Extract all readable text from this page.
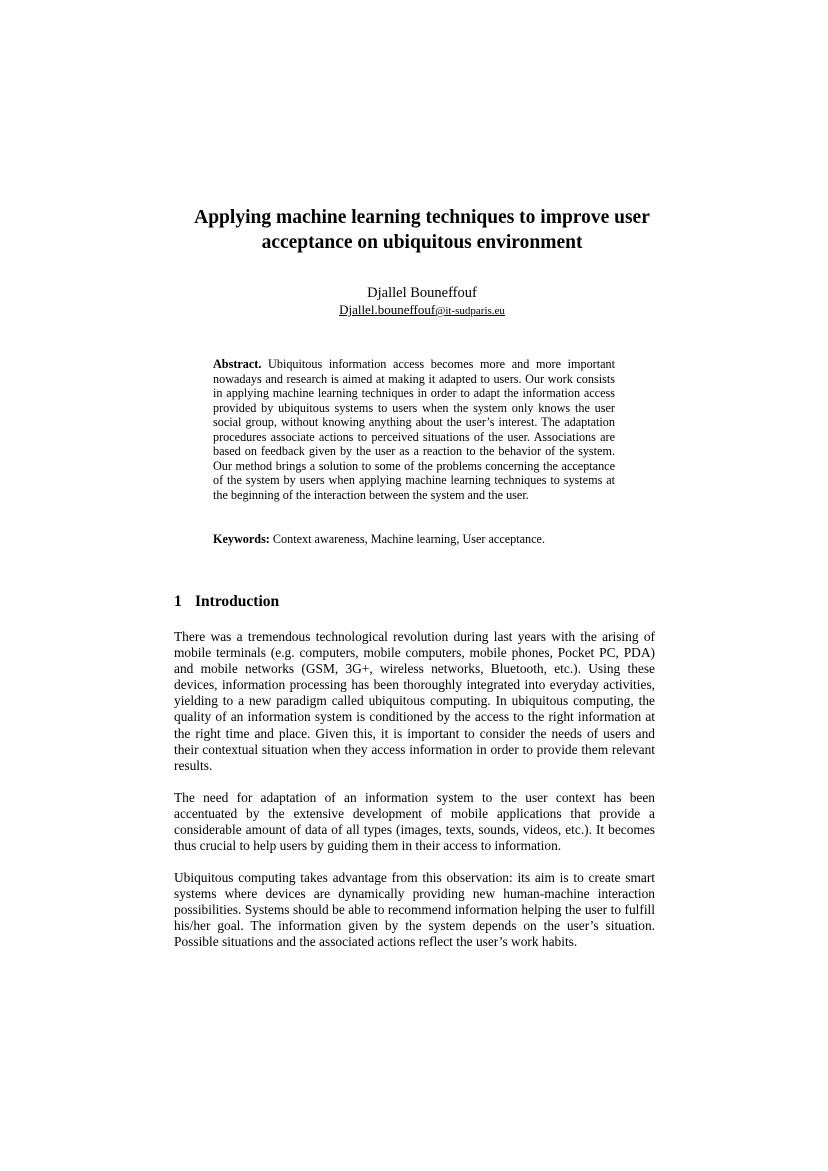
Applying machine learning techniques to improve user
acceptance on ubiquitous environment
Djallel Bouneffouf
Djallel.bouneffouf@it-sudparis.eu

Abstract. Ubiquitous information access becomes more and more important nowadays and research is aimed at making it adapted to users. Our work consists in applying machine learning techniques in order to adapt the information access provided by ubiquitous systems to users when the system only knows the user social group, without knowing anything about the user’s interest. The adaptation procedures associate actions to perceived situations of the user. Associations are based on feedback given by the user as a reaction to the behavior of the system. Our method brings a solution to some of the problems concerning the acceptance of the system by users when applying machine learning techniques to systems at the beginning of the interaction between the system and the user.

Keywords: Context awareness, Machine learning, User acceptance.

1 Introduction

There was a tremendous technological revolution during last years with the arising of mobile terminals (e.g. computers, mobile computers, mobile phones, Pocket PC, PDA) and mobile networks (GSM, 3G+, wireless networks, Bluetooth, etc.). Using these devices, information processing has been thoroughly integrated into everyday activities, yielding to a new paradigm called ubiquitous computing. In ubiquitous computing, the quality of an information system is conditioned by the access to the right information at the right time and place. Given this, it is important to consider the needs of users and their contextual situation when they access information in order to provide them relevant results.

The need for adaptation of an information system to the user context has been accentuated by the extensive development of mobile applications that provide a considerable amount of data of all types (images, texts, sounds, videos, etc.). It becomes thus crucial to help users by guiding them in their access to information.

Ubiquitous computing takes advantage from this observation: its aim is to create smart systems where devices are dynamically providing new human-machine interaction possibilities. Systems should be able to recommend information helping the user to fulfill his/her goal. The information given by the system depends on the user’s situation. Possible situations and the associated actions reflect the user’s work habits.
